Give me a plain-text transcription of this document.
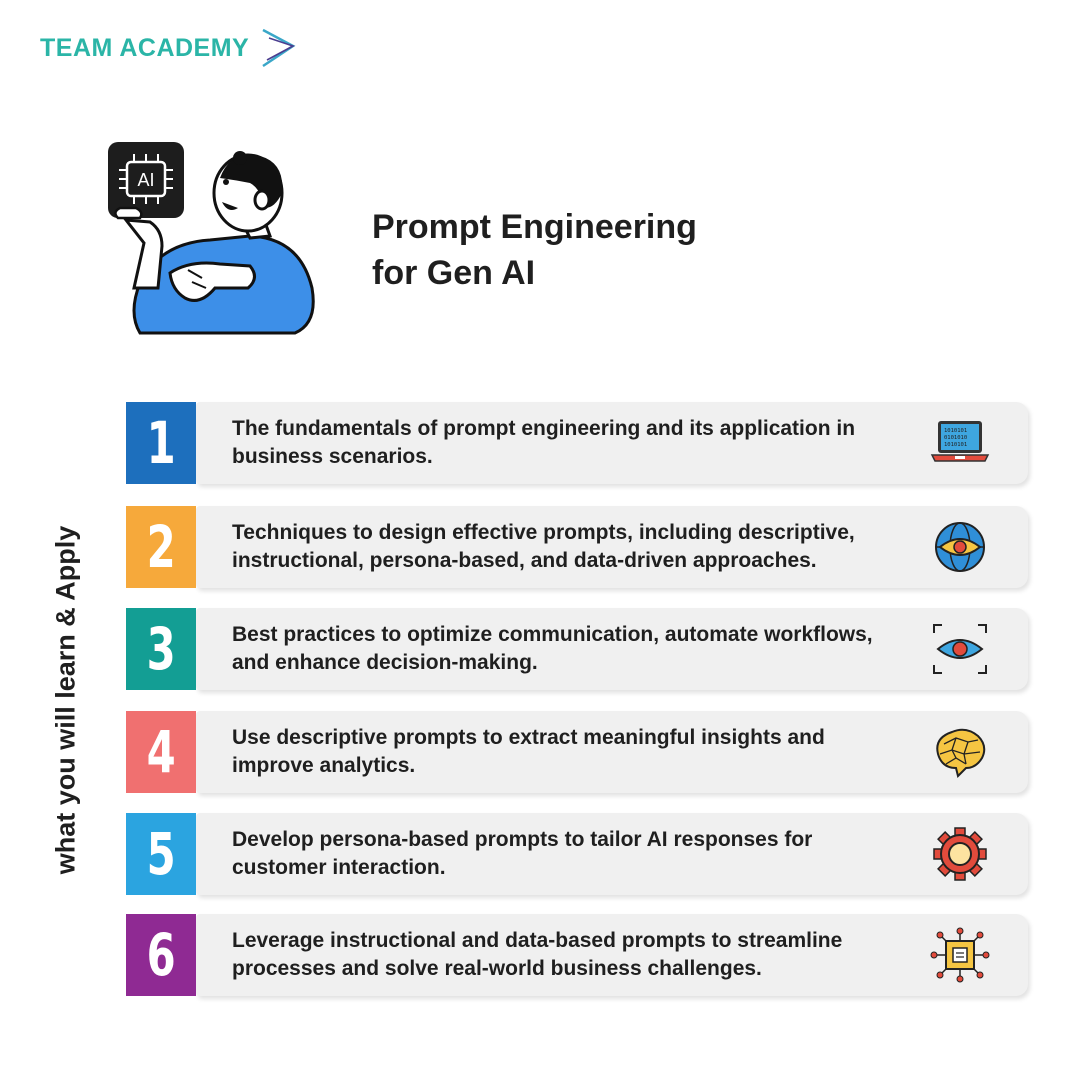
TEAM ACADEMY
AI
Prompt Engineering
for Gen AI
what you will learn & Apply
1	The fundamentals of prompt engineering and its application in business scenarios.
1010101
0101010
1010101
2	Techniques to design effective prompts, including descriptive, instructional, persona-based, and data-driven approaches.
3	Best practices to optimize communication, automate workflows, and enhance decision-making.
4	Use descriptive prompts to extract meaningful insights and improve analytics.
5	Develop persona-based prompts to tailor AI responses for customer interaction.
6	Leverage instructional and data-based prompts to streamline processes and solve real-world business challenges.
